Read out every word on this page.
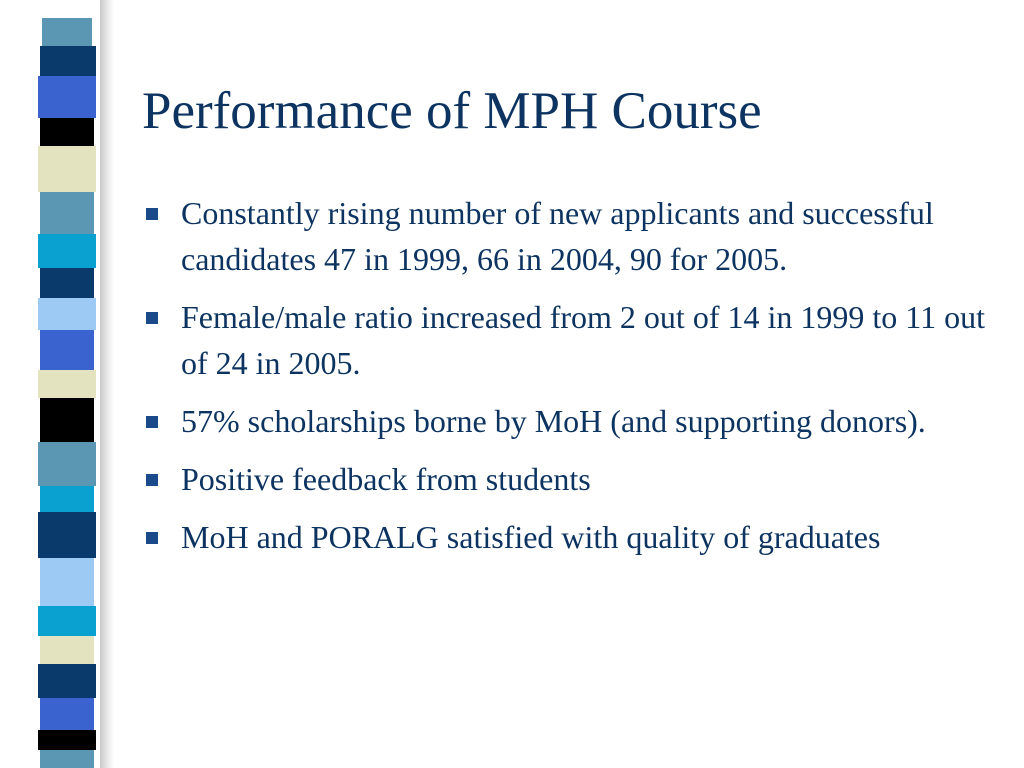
Performance of MPH Course
Constantly rising number of new applicants and successful candidates 47 in 1999, 66 in 2004, 90 for 2005.
Female/male ratio increased from 2 out of 14 in 1999 to 11 out of 24 in 2005.
57% scholarships borne by MoH (and supporting donors).
Positive feedback from students
MoH and PORALG satisfied with quality of graduates
